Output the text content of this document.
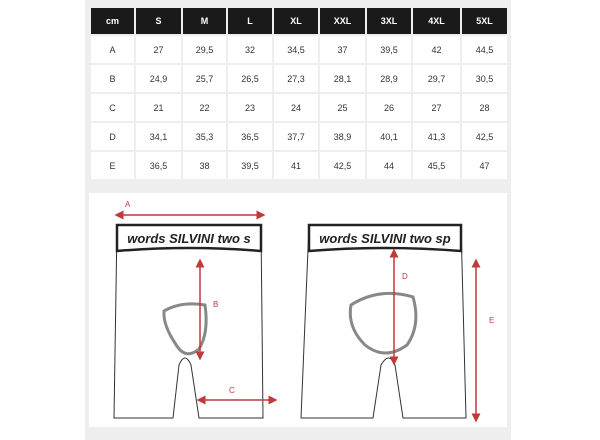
cm	S	M	L	XL	XXL	3XL	4XL	5XL
A	27	29,5	32	34,5	37	39,5	42	44,5
B	24,9	25,7	26,5	27,3	28,1	28,9	29,7	30,5
C	21	22	23	24	25	26	27	28
D	34,1	35,3	36,5	37,7	38,9	40,1	41,3	42,5
E	36,5	38	39,5	41	42,5	44	45,5	47
words SILVINI two s
A
B
C
words SILVINI two sp
D
E
